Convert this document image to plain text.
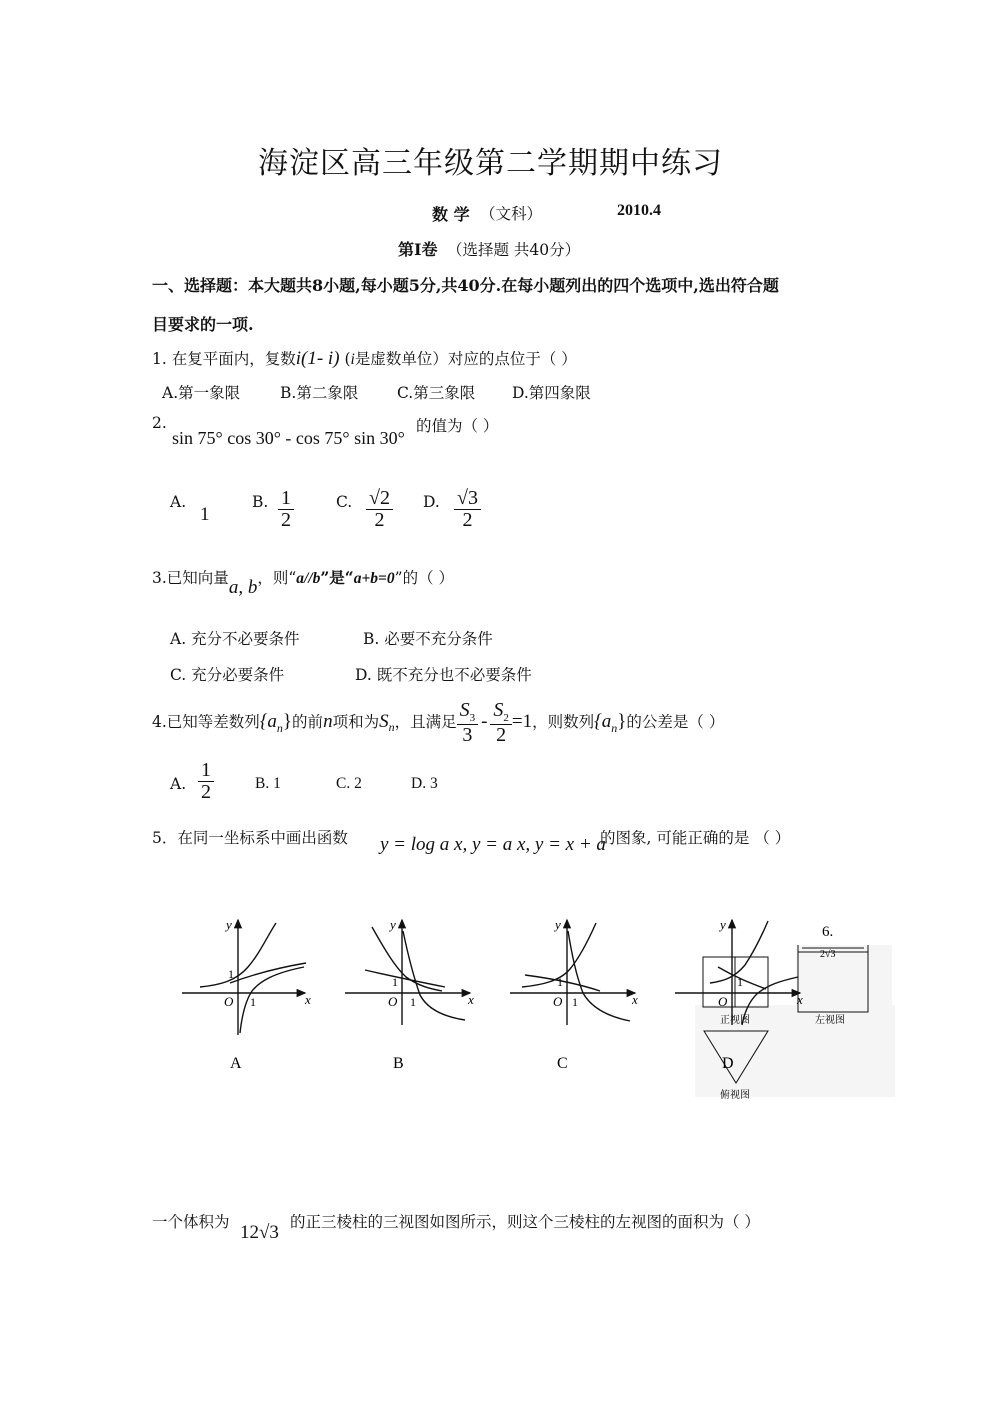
海淀区高三年级第二学期期中练习
数 学 （文科）	2010.4
第Ⅰ卷 （选择题 共40分）
一、选择题：本大题共8小题,每小题5分,共40分.在每小题列出的四个选项中,选出符合题
目要求的一项.
1. 在复平面内，复数i(1- i) (i是虚数单位）对应的点位于（ ）
A.第一象限	B.第二象限 C.第三象限 D.第四象限
2.
sin 75° cos 30° - cos 75° sin 30°
的值为（ ）
A.
1
B. $\frac{1}{2}$	C. $\frac{√2}{2} D$. $\frac{√3}{2}$
3.已知向量a, b，则“a//b”是“a+b=0”的（ ）
A. 充分不必要条件	B. 必要不充分条件
C. 充分必要条件	D. 既不充分也不必要条件
4.已知等差数列$\{a_n\}$的前n项和为$S_n$，且满足 $\frac{S_3}{3} - \frac{S_2}{2} =1$，则数列$\{a_n\}$的公差是（ ）
A. $\frac{1}{2}$	B. 1	C. 2	D. 3
5．在同一坐标系中画出函数 y = log a x, y = a x, y = x + a
的图象, 可能正确的是 （ ）
y
x
O
1
1
A
y
x
O
1
1
B
y
x
O
1
1
C
y
x
O
1
D
6.
2√3
正视图	左视图
俯视图
一个体积为 12√3 的正三棱柱的三视图如图所示，则这个三棱柱的左视图的面积为（ ）
